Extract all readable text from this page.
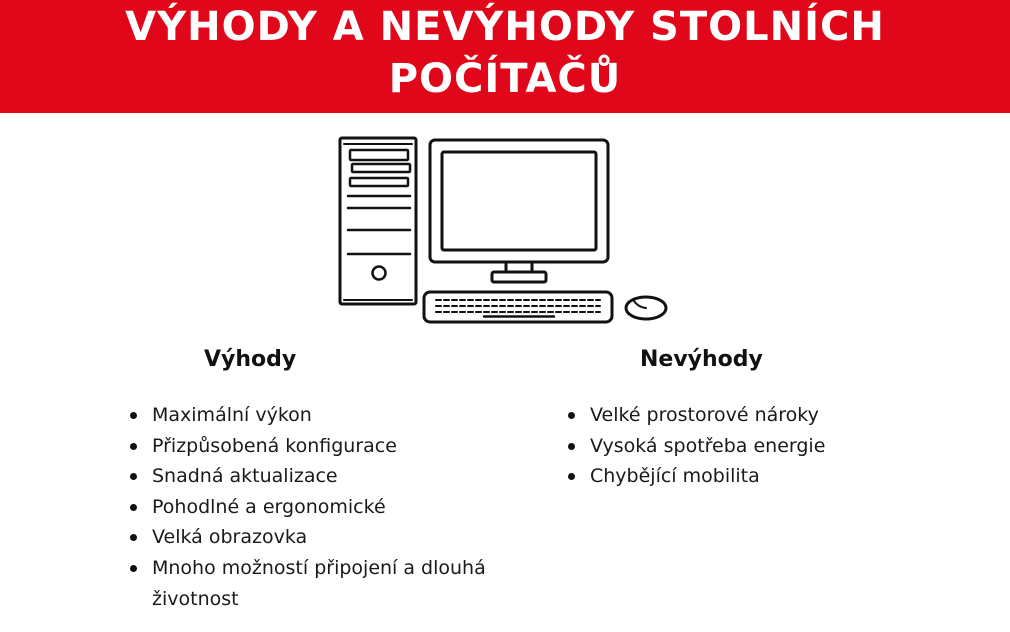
VÝHODY A NEVÝHODY STOLNÍCH POČÍTAČŮ
Výhody
Maximální výkon
Přizpůsobená konfigurace
Snadná aktualizace
Pohodlné a ergonomické
Velká obrazovka
Mnoho možností připojení a dlouhá životnost
Nevýhody
Velké prostorové nároky
Vysoká spotřeba energie
Chybějící mobilita
